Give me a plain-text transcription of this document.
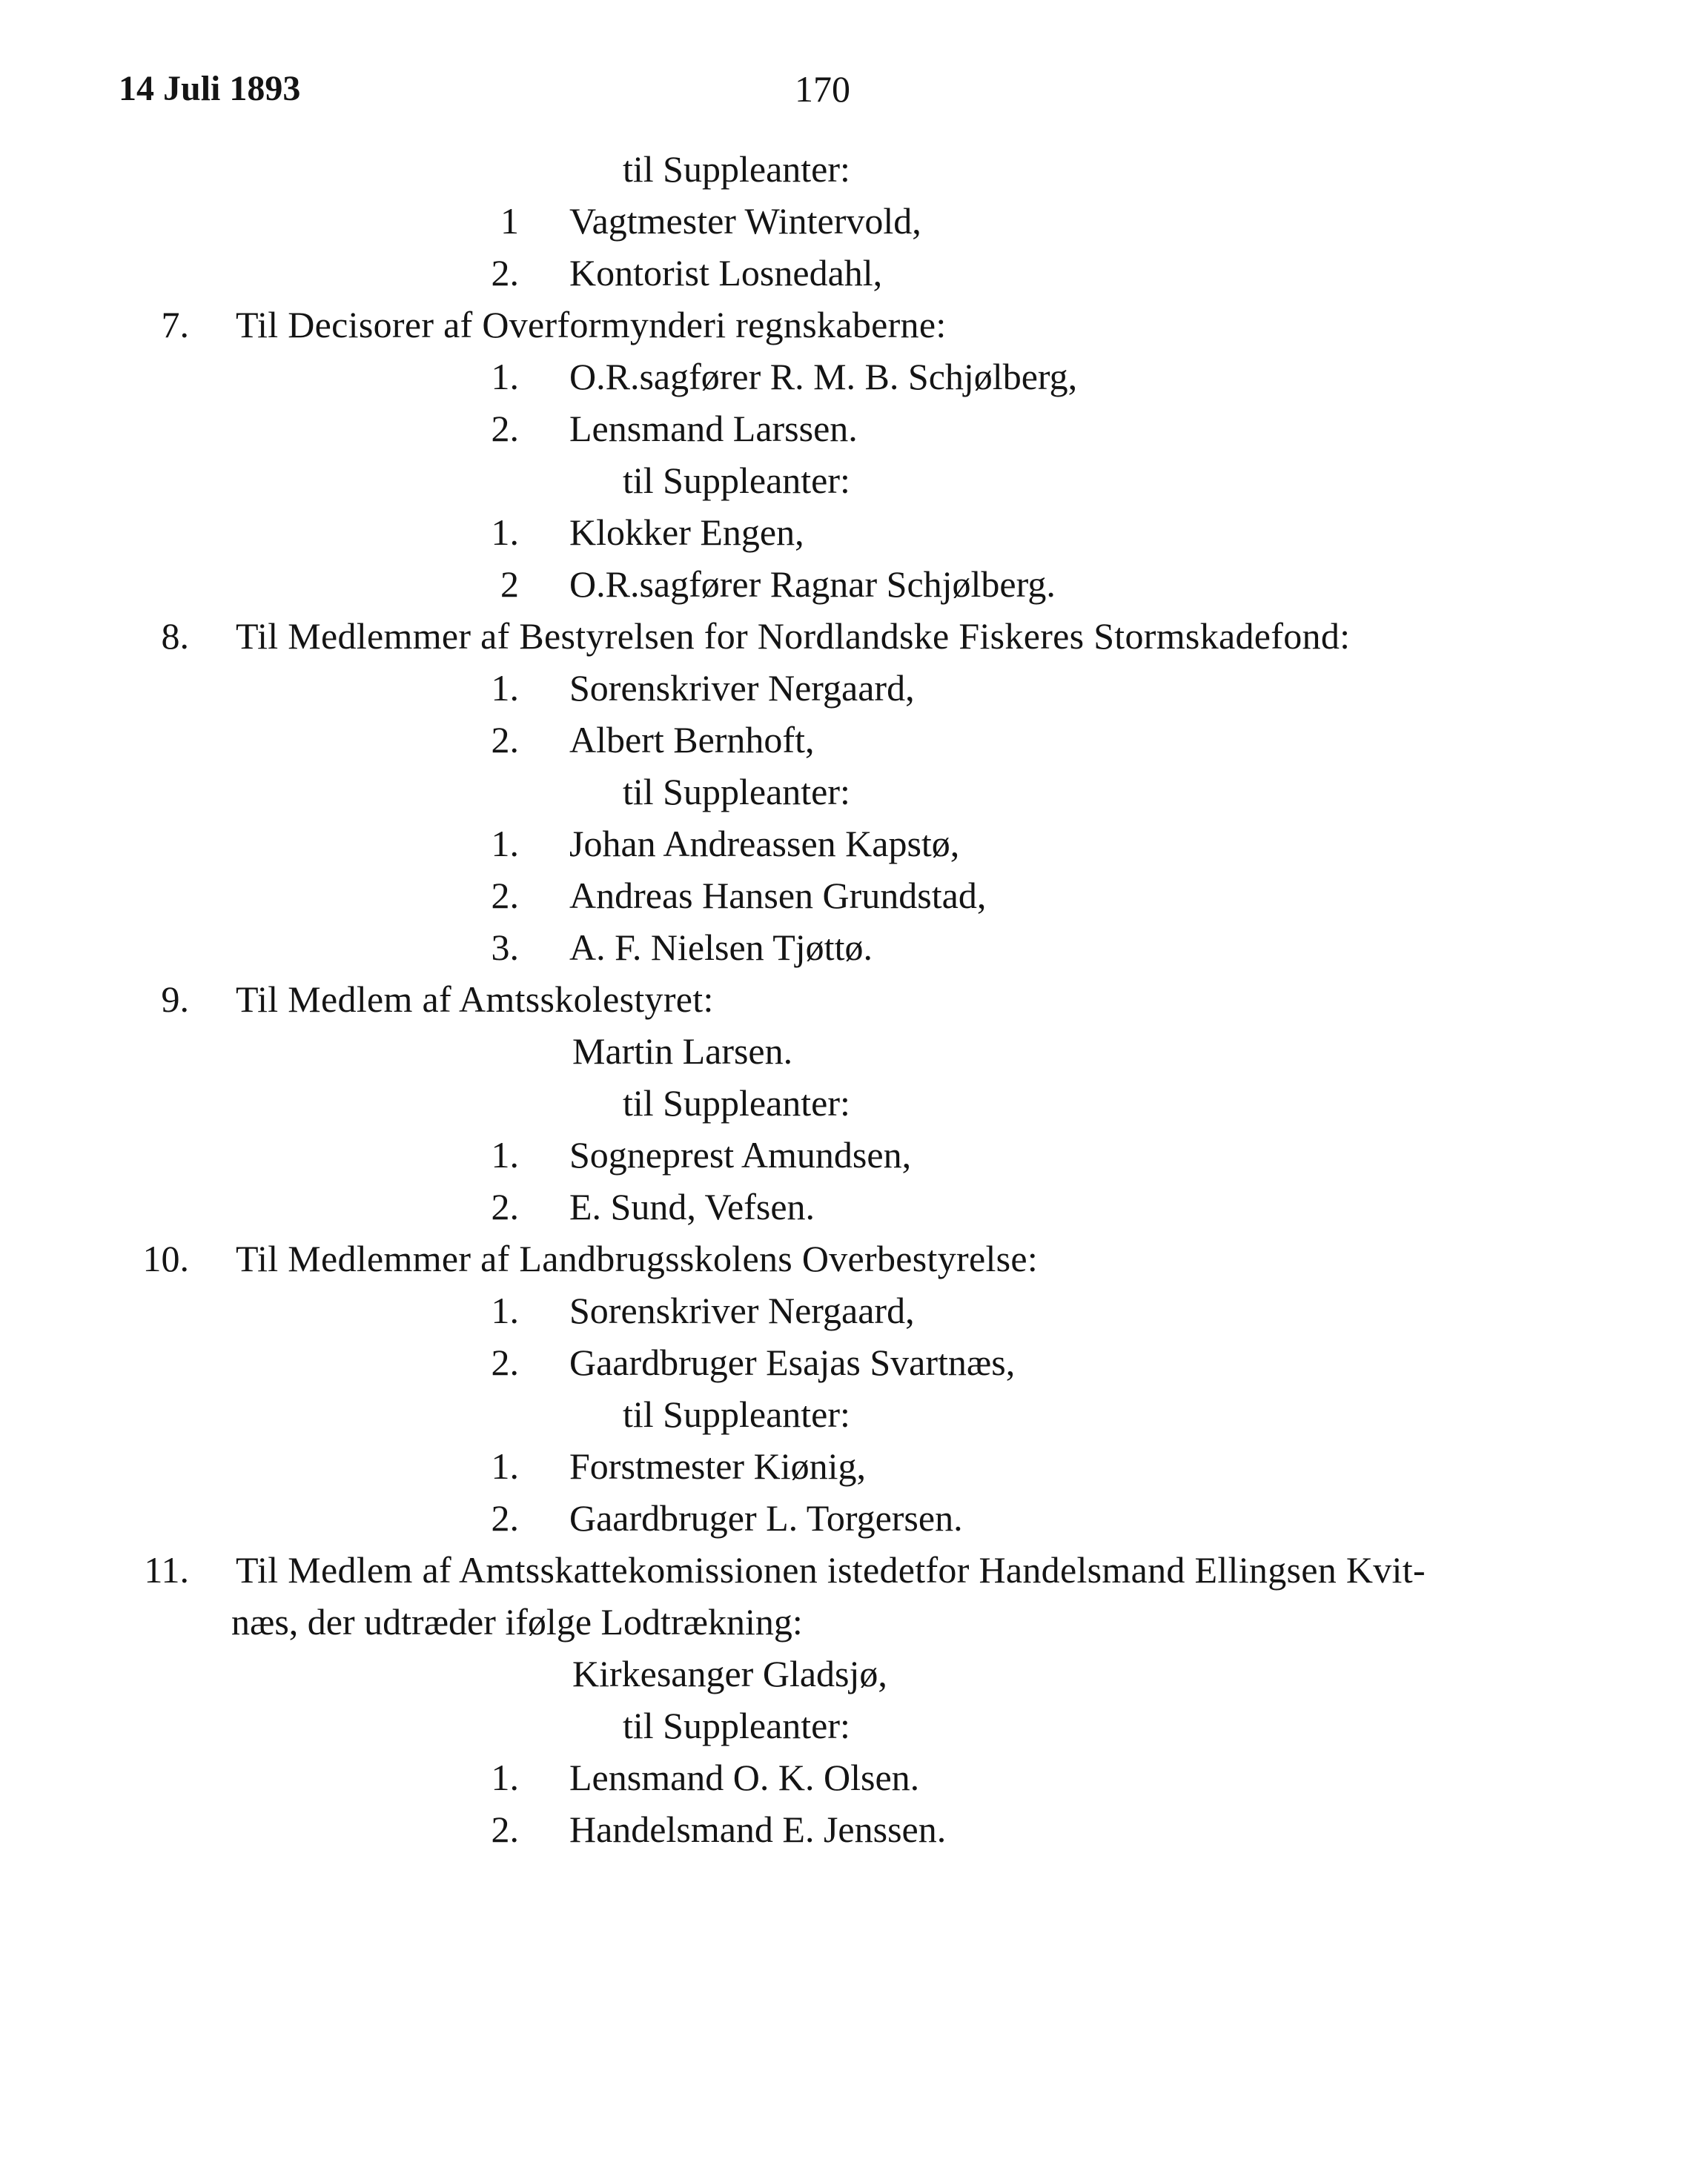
14 Juli 1893	170
til Suppleanter:
1 Vagtmester Wintervold,
2. Kontorist Losnedahl,
7. Til Decisorer af Overformynderi regnskaberne:
1. O.R.sagfører R. M. B. Schjølberg,
2. Lensmand Larssen.
til Suppleanter:
1. Klokker Engen,
2 O.R.sagfører Ragnar Schjølberg.
8. Til Medlemmer af Bestyrelsen for Nordlandske Fiskeres Stormskadefond:
1. Sorenskriver Nergaard,
2. Albert Bernhoft,
til Suppleanter:
1. Johan Andreassen Kapstø,
2. Andreas Hansen Grundstad,
3. A. F. Nielsen Tjøttø.
9. Til Medlem af Amtsskolestyret:
Martin Larsen.
til Suppleanter:
1. Sogneprest Amundsen,
2. E. Sund, Vefsen.
10. Til Medlemmer af Landbrugsskolens Overbestyrelse:
1. Sorenskriver Nergaard,
2. Gaardbruger Esajas Svartnæs,
til Suppleanter:
1. Forstmester Kiønig,
2. Gaardbruger L. Torgersen.
11. Til Medlem af Amtsskattekomissionen istedetfor Handelsmand Ellingsen Kvit-
næs, der udtræder ifølge Lodtrækning:
Kirkesanger Gladsjø,
til Suppleanter:
1. Lensmand O. K. Olsen.
2. Handelsmand E. Jenssen.
